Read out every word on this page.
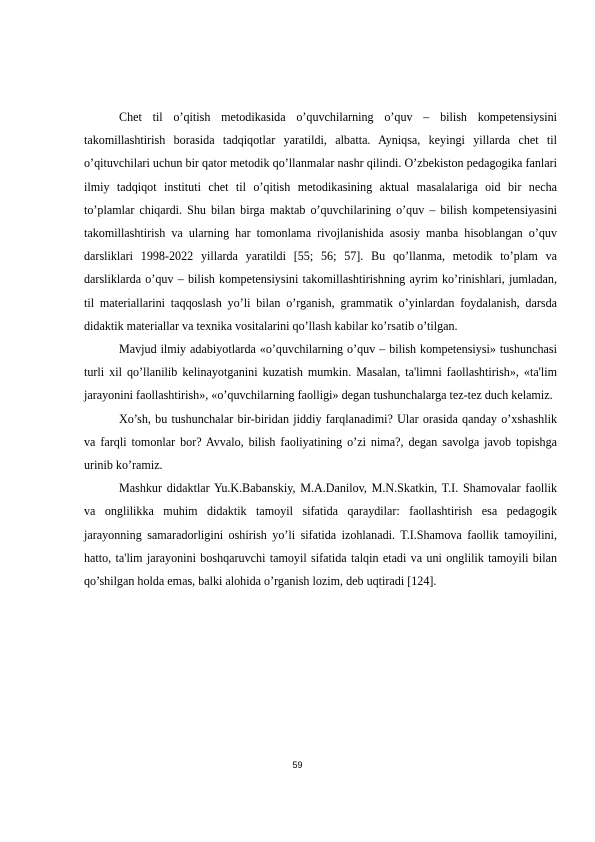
Chet til o’qitish metodikasida o’quvchilarning o’quv – bilish kompetensiysini takomillashtirish borasida tadqiqotlar yaratildi, albatta. Ayniqsa, keyingi yillarda chet til o’qituvchilari uchun bir qator metodik qo’llanmalar nashr qilindi. O’zbekiston pedagogika fanlari ilmiy tadqiqot instituti chet til o’qitish metodikasining aktual masalalariga oid bir necha to’plamlar chiqardi. Shu bilan birga maktab o’quvchilarining o’quv – bilish kompetensiyasini takomillashtirish va ularning har tomonlama rivojlanishida asosiy manba hisoblangan o’quv darsliklari 1998-2022 yillarda yaratildi [55; 56; 57]. Bu qo’llanma, metodik to’plam va darsliklarda o’quv – bilish kompetensiysini takomillashtirishning ayrim ko’rinishlari, jumladan, til materiallarini taqqoslash yo’li bilan o’rganish, grammatik o’yinlardan foydalanish, darsda didaktik materiallar va texnika vositalarini qo’llash kabilar ko’rsatib o’tilgan.

Mavjud ilmiy adabiyotlarda «o’quvchilarning o’quv – bilish kompetensiysi» tushunchasi turli xil qo’llanilib kelinayotganini kuzatish mumkin. Masalan, ta'limni faollashtirish», «ta'lim jarayonini faollashtirish», «o’quvchilarning faolligi» degan tushunchalarga tez-tez duch kelamiz.

Xo’sh, bu tushunchalar bir-biridan jiddiy farqlanadimi? Ular orasida qanday o’xshashlik va farqli tomonlar bor? Avvalo, bilish faoliyatining o’zi nima?, degan savolga javob topishga urinib ko’ramiz.

Mashkur didaktlar Yu.K.Babanskiy, M.A.Danilov, M.N.Skatkin, T.I. Shamovalar faollik va onglilikka muhim didaktik tamoyil sifatida qaraydilar: faollashtirish esa pedagogik jarayonning samaradorligini oshirish yo’li sifatida izohlanadi. T.I.Shamova faollik tamoyilini, hatto, ta'lim jarayonini boshqaruvchi tamoyil sifatida talqin etadi va uni onglilik tamoyili bilan qo’shilgan holda emas, balki alohida o’rganish lozim, deb uqtiradi [124].

59
